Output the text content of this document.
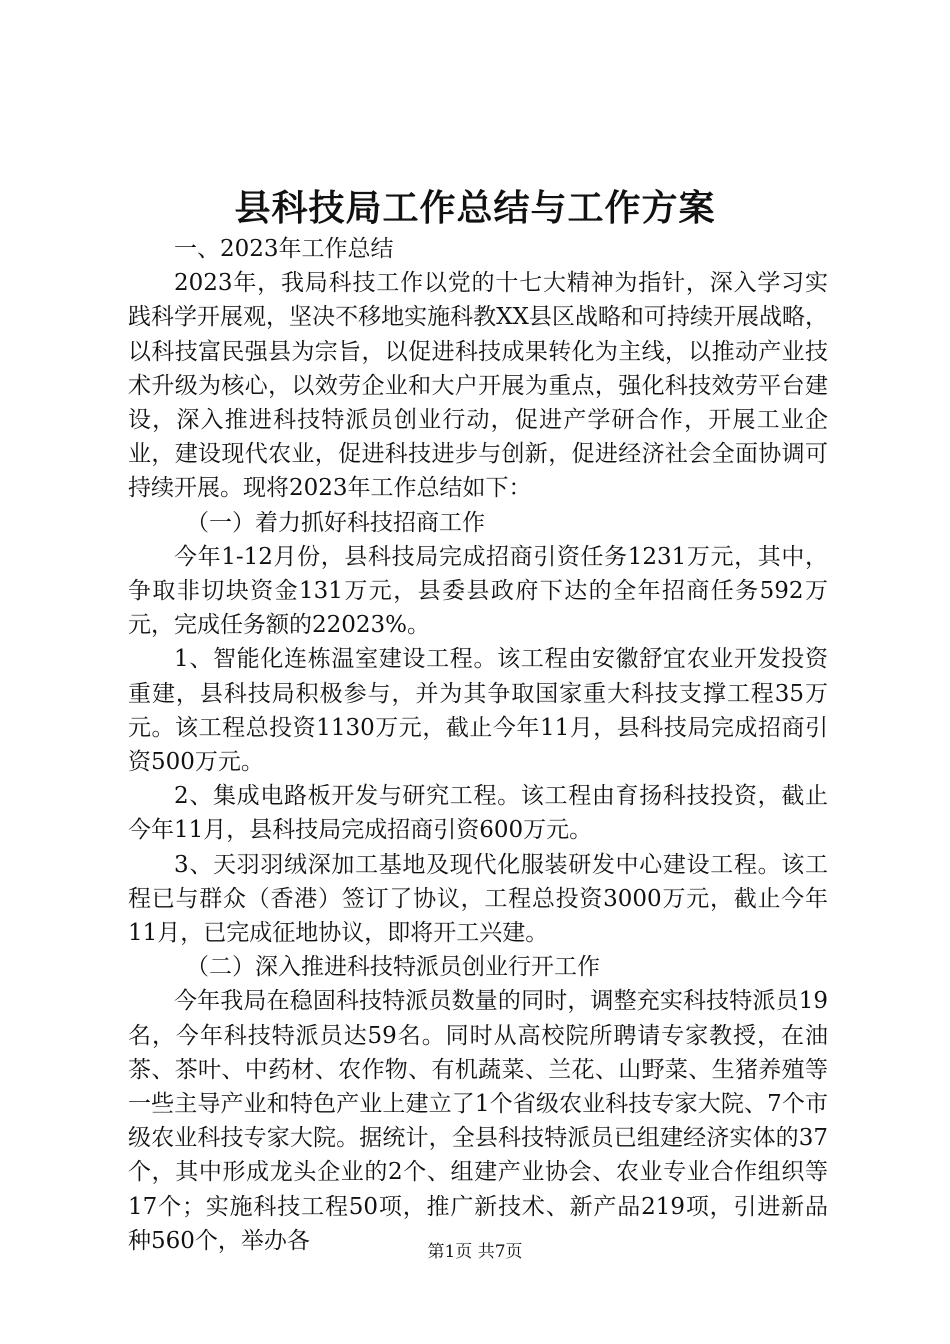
县科技局工作总结与工作方案

一、2023年工作总结

2023年，我局科技工作以党的十七大精神为指针，深入学习实践科学开展观，坚决不移地实施科教XX县区战略和可持续开展战略，以科技富民强县为宗旨，以促进科技成果转化为主线，以推动产业技术升级为核心，以效劳企业和大户开展为重点，强化科技效劳平台建设，深入推进科技特派员创业行动，促进产学研合作，开展工业企业，建设现代农业，促进科技进步与创新，促进经济社会全面协调可持续开展。现将2023年工作总结如下：

（一）着力抓好科技招商工作

今年1-12月份，县科技局完成招商引资任务1231万元，其中，争取非切块资金131万元，县委县政府下达的全年招商任务592万元，完成任务额的22023%。

1、智能化连栋温室建设工程。该工程由安徽舒宜农业开发投资重建，县科技局积极参与，并为其争取国家重大科技支撑工程35万元。该工程总投资1130万元，截止今年11月，县科技局完成招商引资500万元。

2、集成电路板开发与研究工程。该工程由育扬科技投资，截止今年11月，县科技局完成招商引资600万元。

3、天羽羽绒深加工基地及现代化服装研发中心建设工程。该工程已与群众（香港）签订了协议，工程总投资3000万元，截止今年11月，已完成征地协议，即将开工兴建。

（二）深入推进科技特派员创业行开工作

今年我局在稳固科技特派员数量的同时，调整充实科技特派员19名，今年科技特派员达59名。同时从高校院所聘请专家教授，在油茶、茶叶、中药材、农作物、有机蔬菜、兰花、山野菜、生猪养殖等一些主导产业和特色产业上建立了1个省级农业科技专家大院、7个市级农业科技专家大院。据统计，全县科技特派员已组建经济实体的37个，其中形成龙头企业的2个、组建产业协会、农业专业合作组织等17个；实施科技工程50项，推广新技术、新产品219项，引进新品种560个，举办各	第1页 共7页
